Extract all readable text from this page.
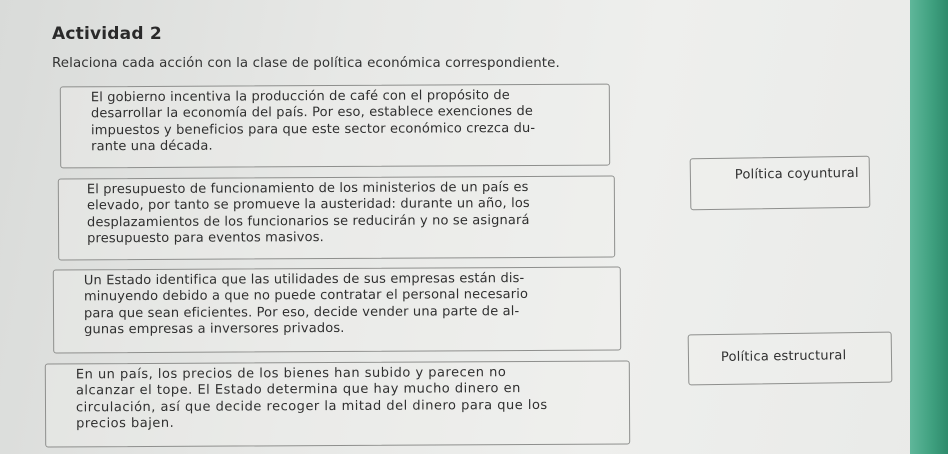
Actividad 2
Relaciona cada acción con la clase de política económica correspondiente.
El gobierno incentiva la producción de café con el propósito de
desarrollar la economía del país. Por eso, establece exenciones de
impuestos y beneficios para que este sector económico crezca du-
rante una década.
El presupuesto de funcionamiento de los ministerios de un país es
elevado, por tanto se promueve la austeridad: durante un año, los
desplazamientos de los funcionarios se reducirán y no se asignará
presupuesto para eventos masivos.
Un Estado identifica que las utilidades de sus empresas están dis-
minuyendo debido a que no puede contratar el personal necesario
para que sean eficientes. Por eso, decide vender una parte de al-
gunas empresas a inversores privados.
En un país, los precios de los bienes han subido y parecen no
alcanzar el tope. El Estado determina que hay mucho dinero en
circulación, así que decide recoger la mitad del dinero para que los
precios bajen.
Política coyuntural
Política estructural
